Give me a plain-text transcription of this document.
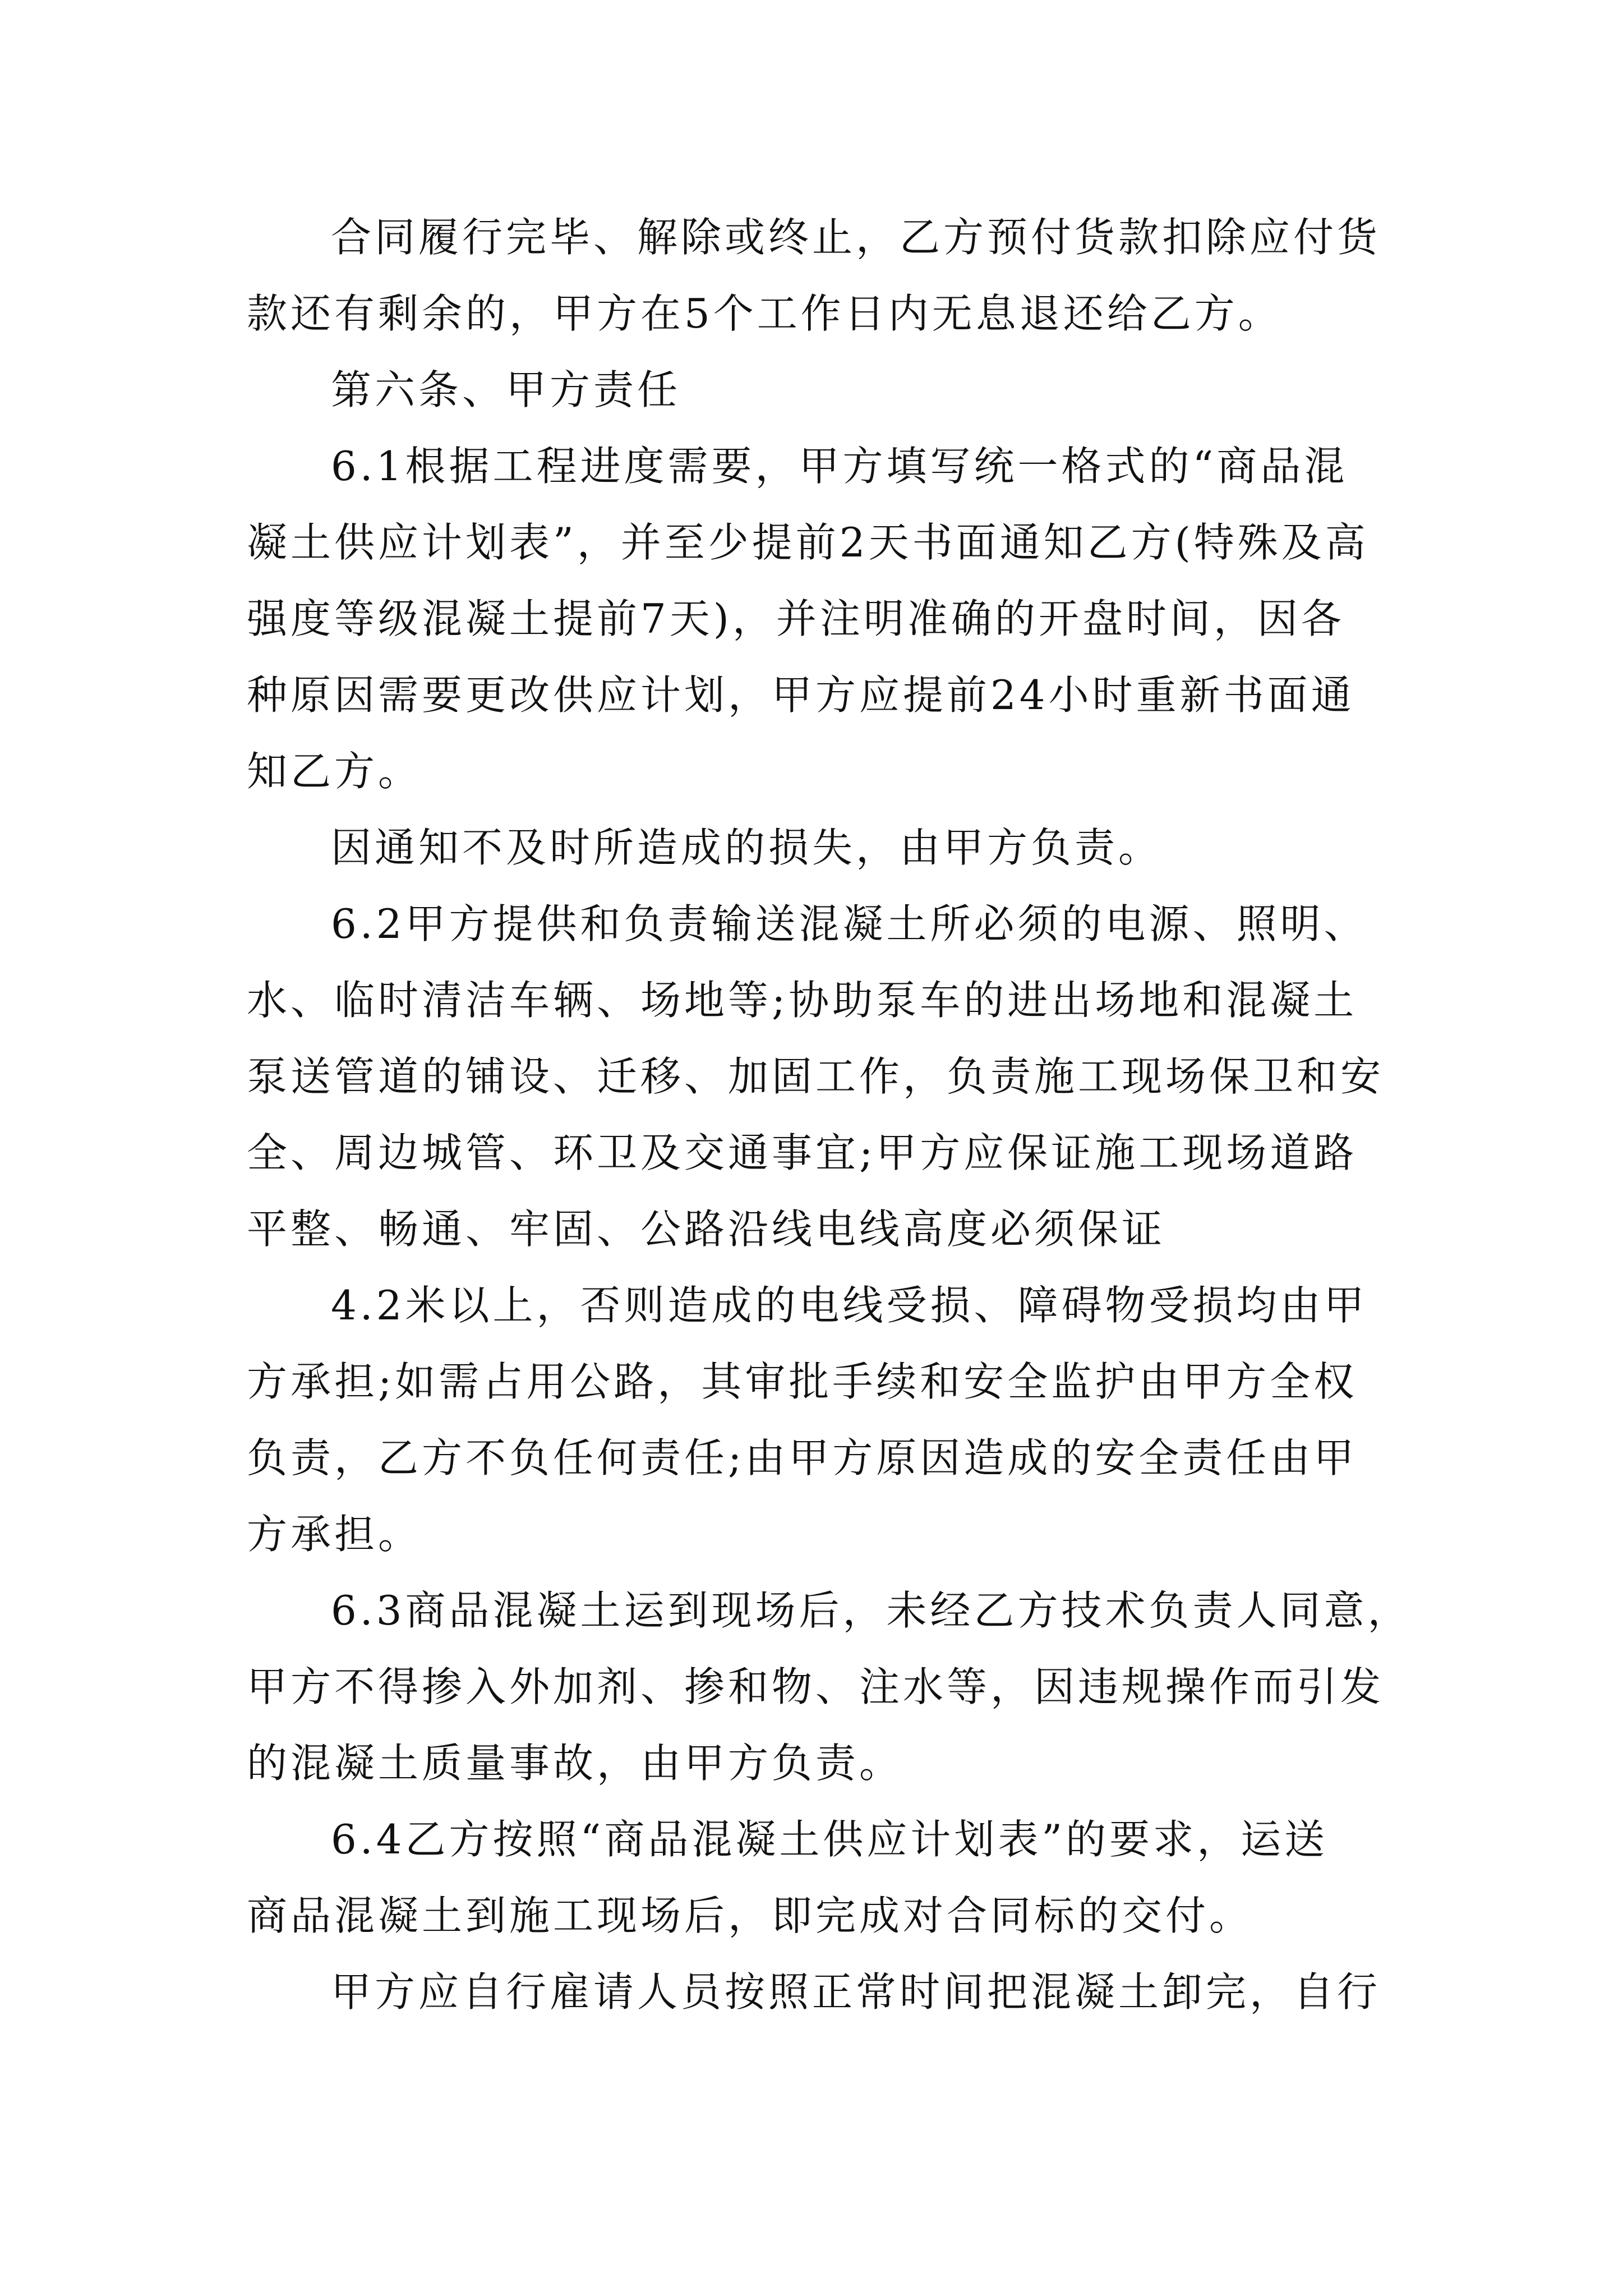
合同履行完毕、解除或终止，乙方预付货款扣除应付货
款还有剩余的，甲方在5个工作日内无息退还给乙方。
第六条、甲方责任
6.1根据工程进度需要，甲方填写统一格式的“商品混
凝土供应计划表”，并至少提前2天书面通知乙方(特殊及高
强度等级混凝土提前7天)，并注明准确的开盘时间，因各
种原因需要更改供应计划，甲方应提前24小时重新书面通
知乙方。
因通知不及时所造成的损失，由甲方负责。
6.2甲方提供和负责输送混凝土所必须的电源、照明、
水、临时清洁车辆、场地等;协助泵车的进出场地和混凝土
泵送管道的铺设、迁移、加固工作，负责施工现场保卫和安
全、周边城管、环卫及交通事宜;甲方应保证施工现场道路
平整、畅通、牢固、公路沿线电线高度必须保证
4.2米以上，否则造成的电线受损、障碍物受损均由甲
方承担;如需占用公路，其审批手续和安全监护由甲方全权
负责，乙方不负任何责任;由甲方原因造成的安全责任由甲
方承担。
6.3商品混凝土运到现场后，未经乙方技术负责人同意，
甲方不得掺入外加剂、掺和物、注水等，因违规操作而引发
的混凝土质量事故，由甲方负责。
6.4乙方按照“商品混凝土供应计划表”的要求，运送
商品混凝土到施工现场后，即完成对合同标的交付。
甲方应自行雇请人员按照正常时间把混凝土卸完，自行
